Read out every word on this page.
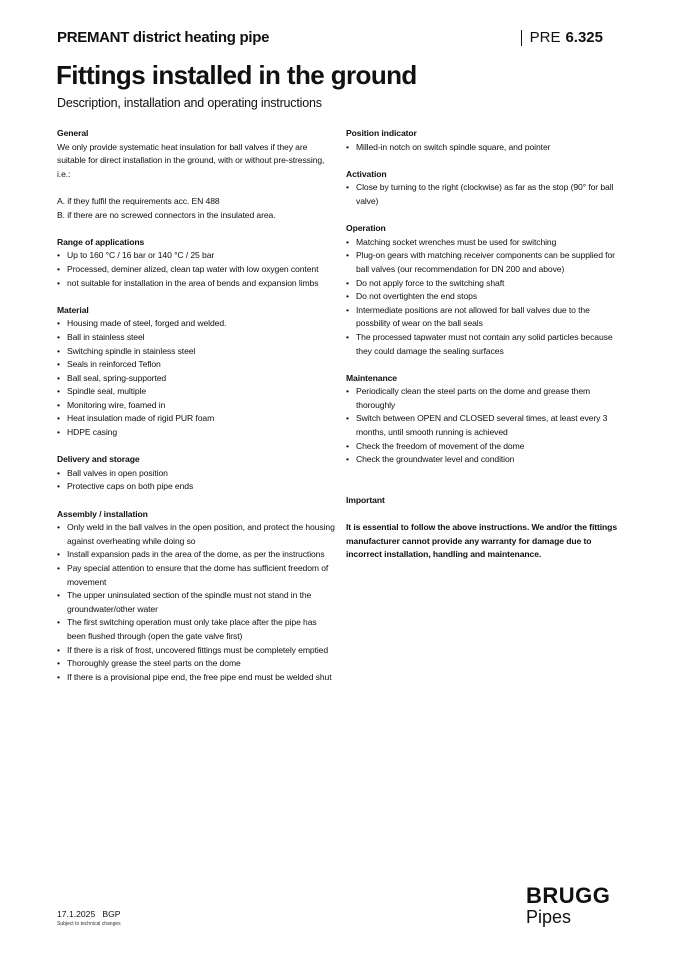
PREMANT district heating pipe	PRE 6.325
Fittings installed in the ground
Description, installation and operating instructions
General

We only provide systematic heat insulation for ball valves if they are suitable for direct installation in the ground, with or without pre-stressing, i.e.:

A. if they fulfil the requirements acc. EN 488

B. if there are no screwed connectors in the insulated area.

Range of applications
• Up to 160 °C / 16 bar or 140 °C / 25 bar
• Processed, deminer alized, clean tap water with low oxygen content
• not suitable for installation in the area of bends and expansion limbs
Material
• Housing made of steel, forged and welded.
• Ball in stainless steel
• Switching spindle in stainless steel
• Seals in reinforced Teflon
• Ball seal, spring-supported
• Spindle seal, multiple
• Monitoring wire, foamed in
• Heat insulation made of rigid PUR foam
• HDPE casing
Delivery and storage
• Ball valves in open position
• Protective caps on both pipe ends
Assembly / installation
• Only weld in the ball valves in the open position, and protect the housing against overheating while doing so
• Install expansion pads in the area of the dome, as per the instructions
• Pay special attention to ensure that the dome has sufficient freedom of movement
• The upper uninsulated section of the spindle must not stand in the groundwater/other water
• The first switching operation must only take place after the pipe has been flushed through (open the gate valve first)
• If there is a risk of frost, uncovered fittings must be completely emptied
• Thoroughly grease the steel parts on the dome
• If there is a provisional pipe end, the free pipe end must be welded shut
Position indicator
• Milled-in notch on switch spindle square, and pointer
Activation
• Close by turning to the right (clockwise) as far as the stop (90° for ball valve)
Operation
• Matching socket wrenches must be used for switching
• Plug-on gears with matching receiver components can be supplied for ball valves (our recommendation for DN 200 and above)
• Do not apply force to the switching shaft
• Do not overtighten the end stops
• Intermediate positions are not allowed for ball valves due to the possbility of wear on the ball seals
• The processed tapwater must not contain any solid particles because they could damage the sealing surfaces
Maintenance
• Periodically clean the steel parts on the dome and grease them thoroughly
• Switch between OPEN and CLOSED several times, at least every 3 months, until smooth running is achieved
• Check the freedom of movement of the dome
• Check the groundwater level and condition
Important

It is essential to follow the above instructions. We and/or the fittings manufacturer cannot provide any warranty for damage due to incorrect installation, handling and maintenance.

17.1.2025   BGP
Subject to technical changes
BRUGG
Pipes
